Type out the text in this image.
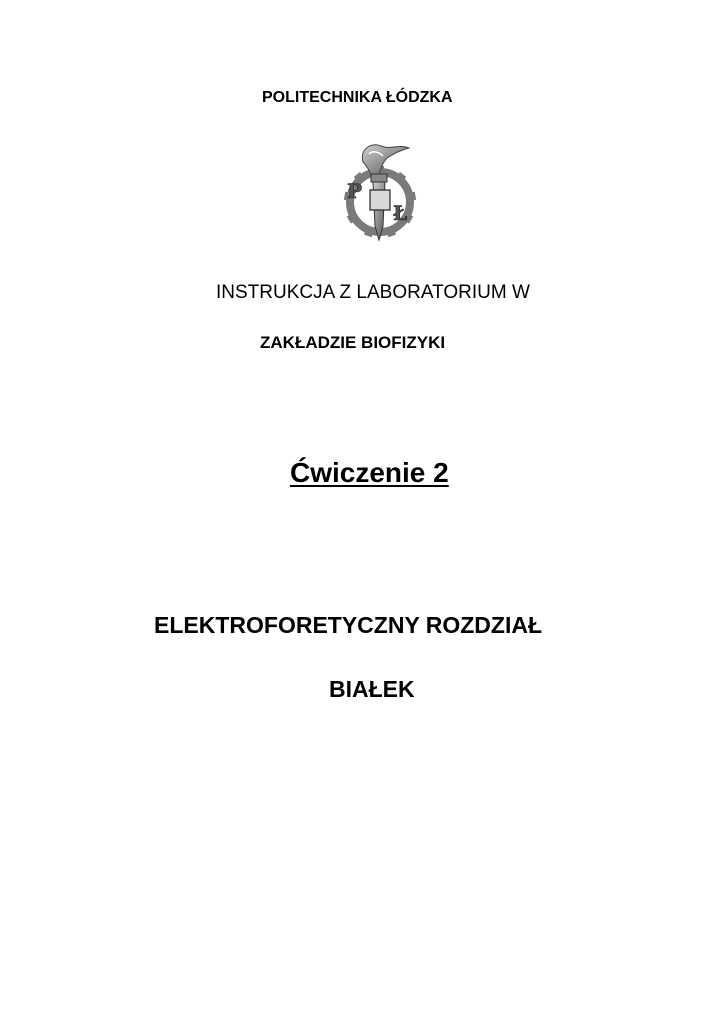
POLITECHNIKA ŁÓDZKA
P
Ł
INSTRUKCJA Z LABORATORIUM W
ZAKŁADZIE BIOFIZYKI
Ćwiczenie 2
ELEKTROFORETYCZNY ROZDZIAŁ
BIAŁEK
